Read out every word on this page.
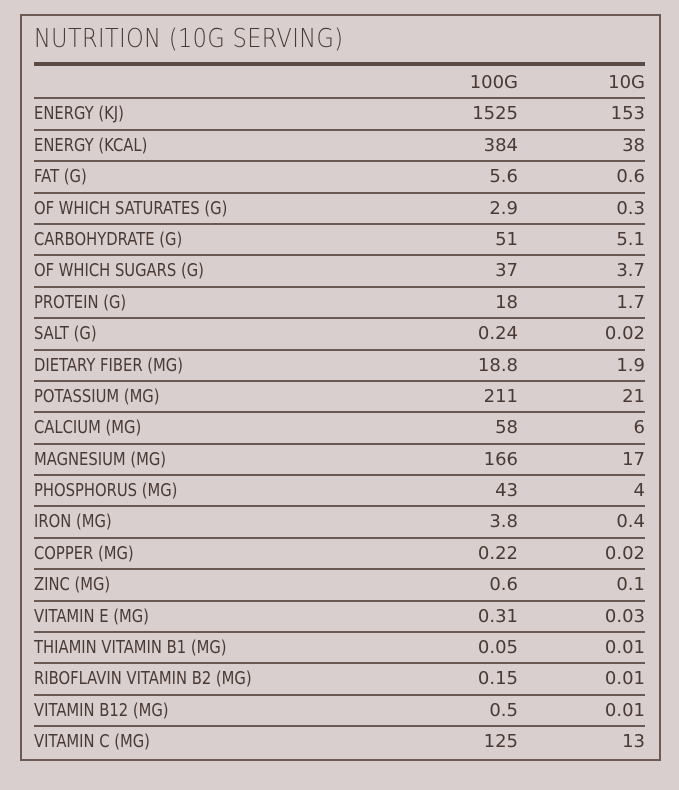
NUTRITION (10G SERVING)
100G	10G
ENERGY (KJ)	1525	153
ENERGY (KCAL)	384	38
FAT (G)	5.6	0.6
OF WHICH SATURATES (G)	2.9	0.3
CARBOHYDRATE (G)	51	5.1
OF WHICH SUGARS (G)	37	3.7
PROTEIN (G)	18	1.7
SALT (G)	0.24	0.02
DIETARY FIBER (MG)	18.8	1.9
POTASSIUM (MG)	211	21
CALCIUM (MG)	58	6
MAGNESIUM (MG)	166	17
PHOSPHORUS (MG)	43	4
IRON (MG)	3.8	0.4
COPPER (MG)	0.22	0.02
ZINC (MG)	0.6	0.1
VITAMIN E (MG)	0.31	0.03
THIAMIN VITAMIN B1 (MG)	0.05	0.01
RIBOFLAVIN VITAMIN B2 (MG)	0.15	0.01
VITAMIN B12 (MG)	0.5	0.01
VITAMIN C (MG)	125	13
